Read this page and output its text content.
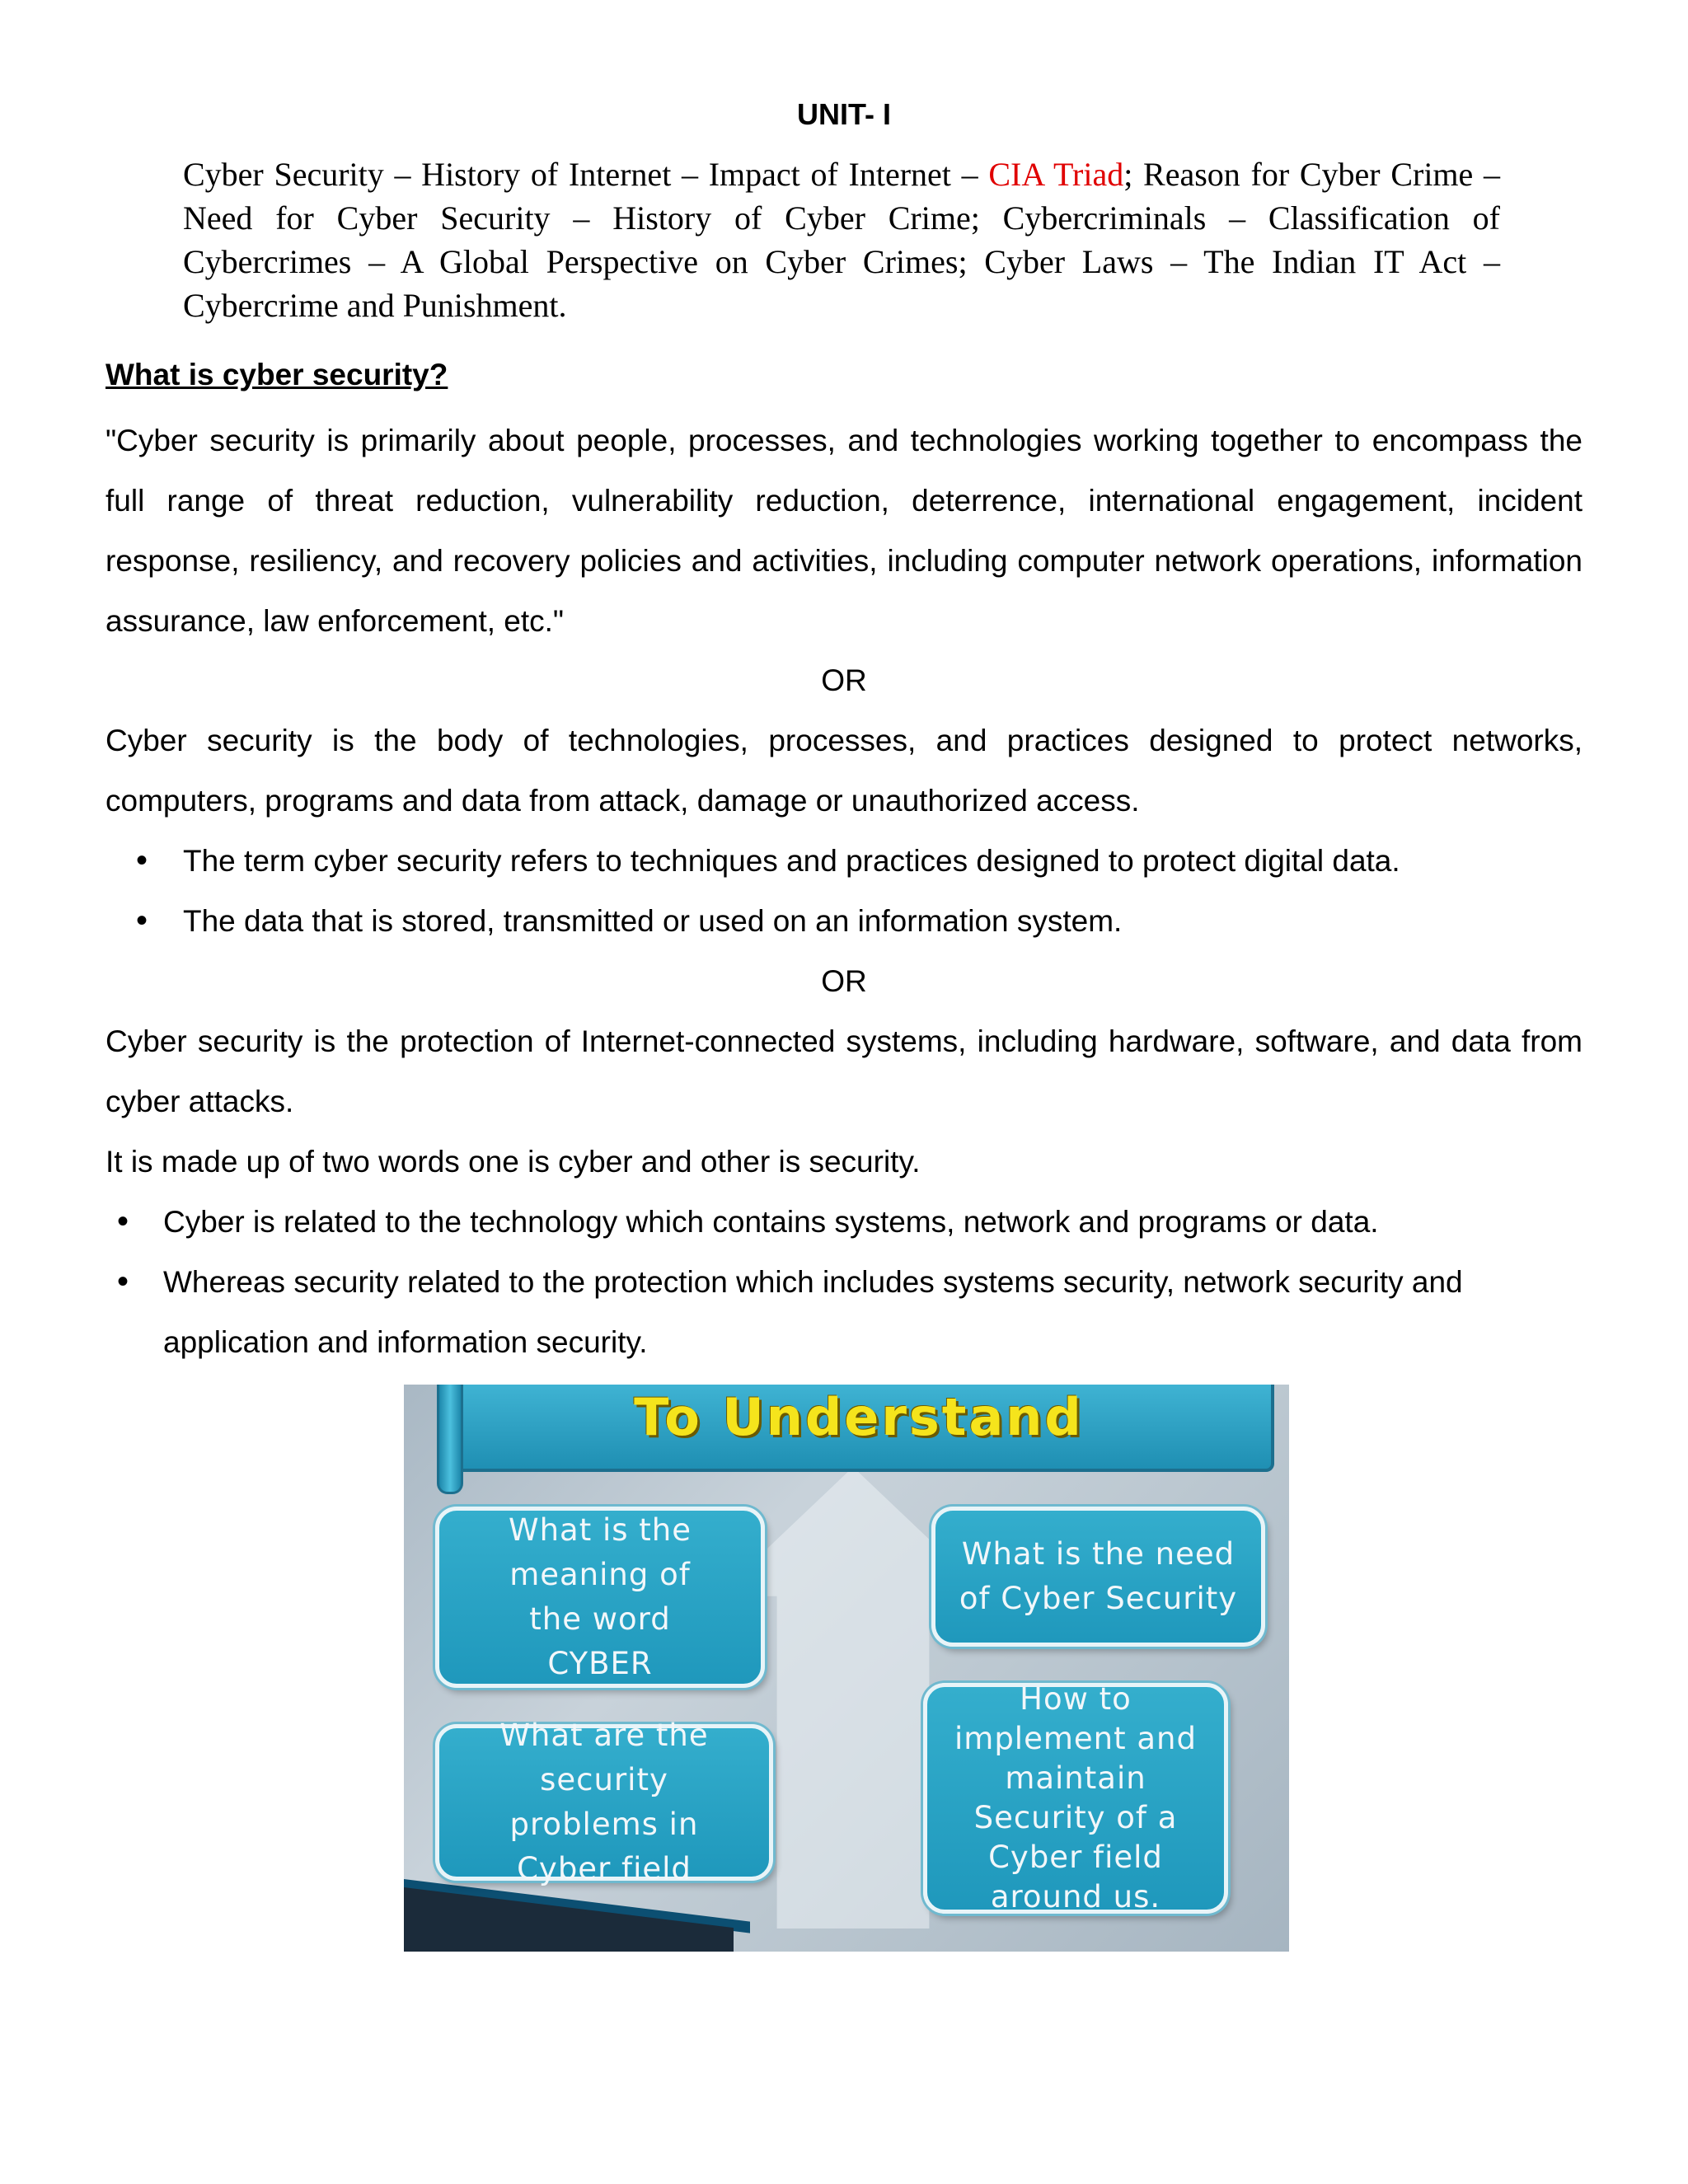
UNIT- I
Cyber Security – History of Internet – Impact of Internet – CIA Triad; Reason for Cyber Crime – Need for Cyber Security – History of Cyber Crime; Cybercriminals – Classification of Cybercrimes – A Global Perspective on Cyber Crimes; Cyber Laws – The Indian IT Act – Cybercrime and Punishment.
What is cyber security?
"Cyber security is primarily about people, processes, and technologies working together to encompass the full range of threat reduction, vulnerability reduction, deterrence, international engagement, incident response, resiliency, and recovery policies and activities, including computer network operations, information assurance, law enforcement, etc."
OR
Cyber security is the body of technologies, processes, and practices designed to protect networks, computers, programs and data from attack, damage or unauthorized access.
• The term cyber security refers to techniques and practices designed to protect digital data.
• The data that is stored, transmitted or used on an information system.
OR
Cyber security is the protection of Internet-connected systems, including hardware, software, and data from cyber attacks.
It is made up of two words one is cyber and other is security.
• Cyber is related to the technology which contains systems, network and programs or data.
• Whereas security related to the protection which includes systems security, network security and
application and information security.
To Understand
What is the
meaning of
the word
CYBER
What is the need
of Cyber Security
What are the
security
problems in
Cyber field
How to
implement and
maintain
Security of a
Cyber field
around us.
